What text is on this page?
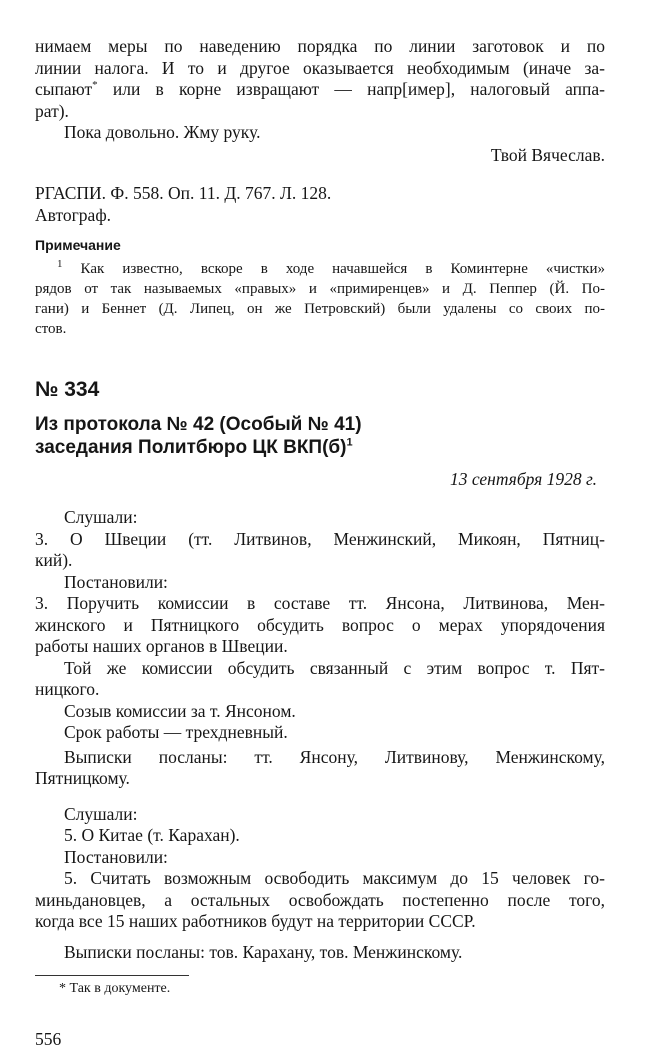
нимаем меры по наведению порядка по линии заготовок и по
линии налога. И то и другое оказывается необходимым (иначе за-
сыпают* или в корне извращают — напр[имер], налоговый аппа-
рат).
Пока довольно. Жму руку.
Твой Вячеслав.
РГАСПИ. Ф. 558. Оп. 11. Д. 767. Л. 128.
Автограф.
Примечание
$^1$ Как известно, вскоре в ходе начавшейся в Коминтерне «чистки»
рядов от так называемых «правых» и «примиренцев» и Д. Пеппер (Й. По-
гани) и Беннет (Д. Липец, он же Петровский) были удалены со своих по-
стов.
№ 334
Из протокола № 42 (Особый № 41)
заседания Политбюро ЦК $ВКП(б)^1$
13 сентября 1928 г.
Слушали:
3. О Швеции (тт. Литвинов, Менжинский, Микоян, Пятниц-
кий).
Постановили:
3. Поручить комиссии в составе тт. Янсона, Литвинова, Мен-
жинского и Пятницкого обсудить вопрос о мерах упорядочения
работы наших органов в Швеции.
Той же комиссии обсудить связанный с этим вопрос т. Пят-
ницкого.
Созыв комиссии за т. Янсоном.
Срок работы — трехдневный.
Выписки посланы: тт. Янсону, Литвинову, Менжинскому,
Пятницкому.
Слушали:
5. О Китае (т. Карахан).
Постановили:
5. Считать возможным освободить максимум до 15 человек го-
миньдановцев, а остальных освобождать постепенно после того,
когда все 15 наших работников будут на территории СССР.
Выписки посланы: тов. Карахану, тов. Менжинскому.
* Так в документе.
556
